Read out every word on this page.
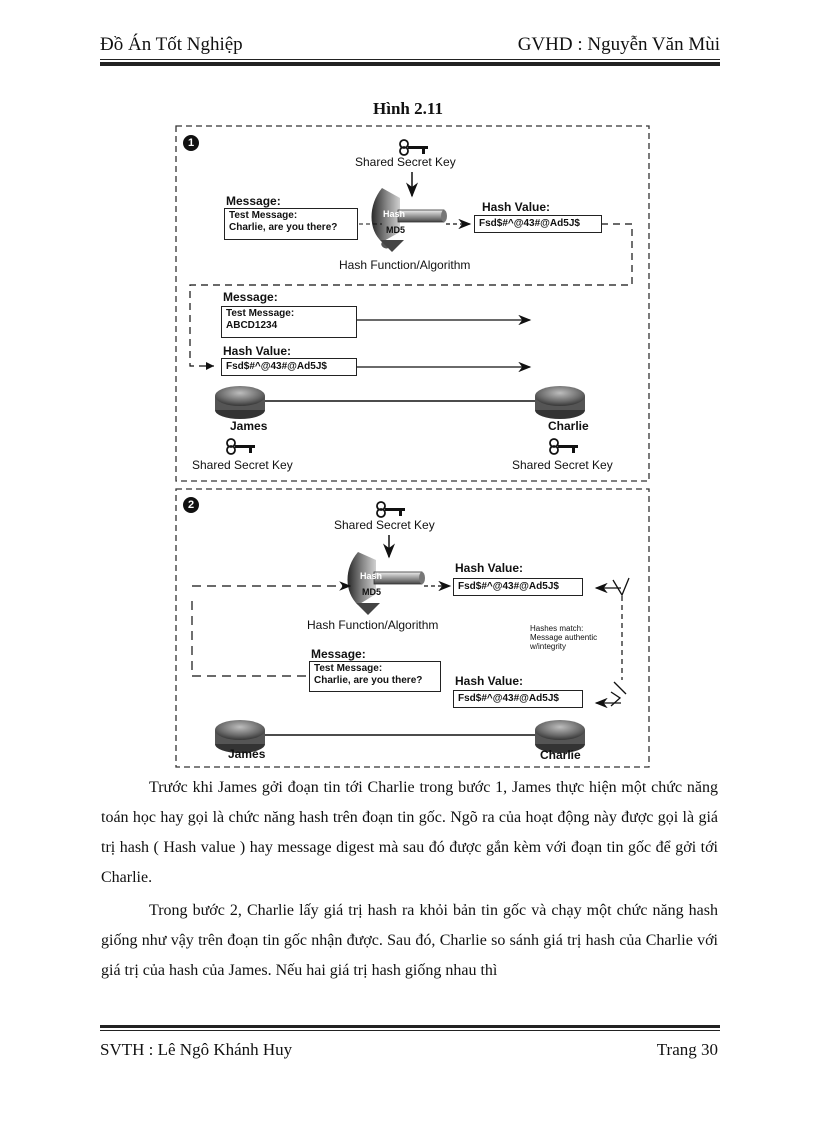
Đồ Án Tốt Nghiệp	GVHD : Nguyễn Văn Mùi
Hình 2.11
1
Shared Secret Key
Message:
Test Message:
Charlie, are you there?
Hash
MD5
Hash Value:
Fsd$#^@43#@Ad5J$
Hash Function/Algorithm
Message:
Test Message:
ABCD1234
Hash Value:
Fsd$#^@43#@Ad5J$
James	Charlie
Shared Secret Key	Shared Secret Key
2
Shared Secret Key
Hash
MD5
Hash Value:
Fsd$#^@43#@Ad5J$
Hash Function/Algorithm	Hashes match:
Message authentic
w/integrity
Message:
Test Message:
Charlie, are you there?	Hash Value:
Fsd$#^@43#@Ad5J$
James	Charlie

Trước khi James gởi đoạn tin tới Charlie trong bước 1, James thực hiện một chức năng toán học hay gọi là chức năng hash trên đoạn tin gốc. Ngõ ra của hoạt động này được gọi là giá trị hash ( Hash value ) hay message digest mà sau đó được gắn kèm với đoạn tin gốc để gởi tới Charlie.

Trong bước 2, Charlie lấy giá trị hash ra khỏi bản tin gốc và chạy một chức năng hash giống như vậy trên đoạn tin gốc nhận được. Sau đó, Charlie so sánh giá trị hash của Charlie với giá trị của hash của James. Nếu hai giá trị hash giống nhau thì

SVTH : Lê Ngô Khánh Huy	Trang 30
